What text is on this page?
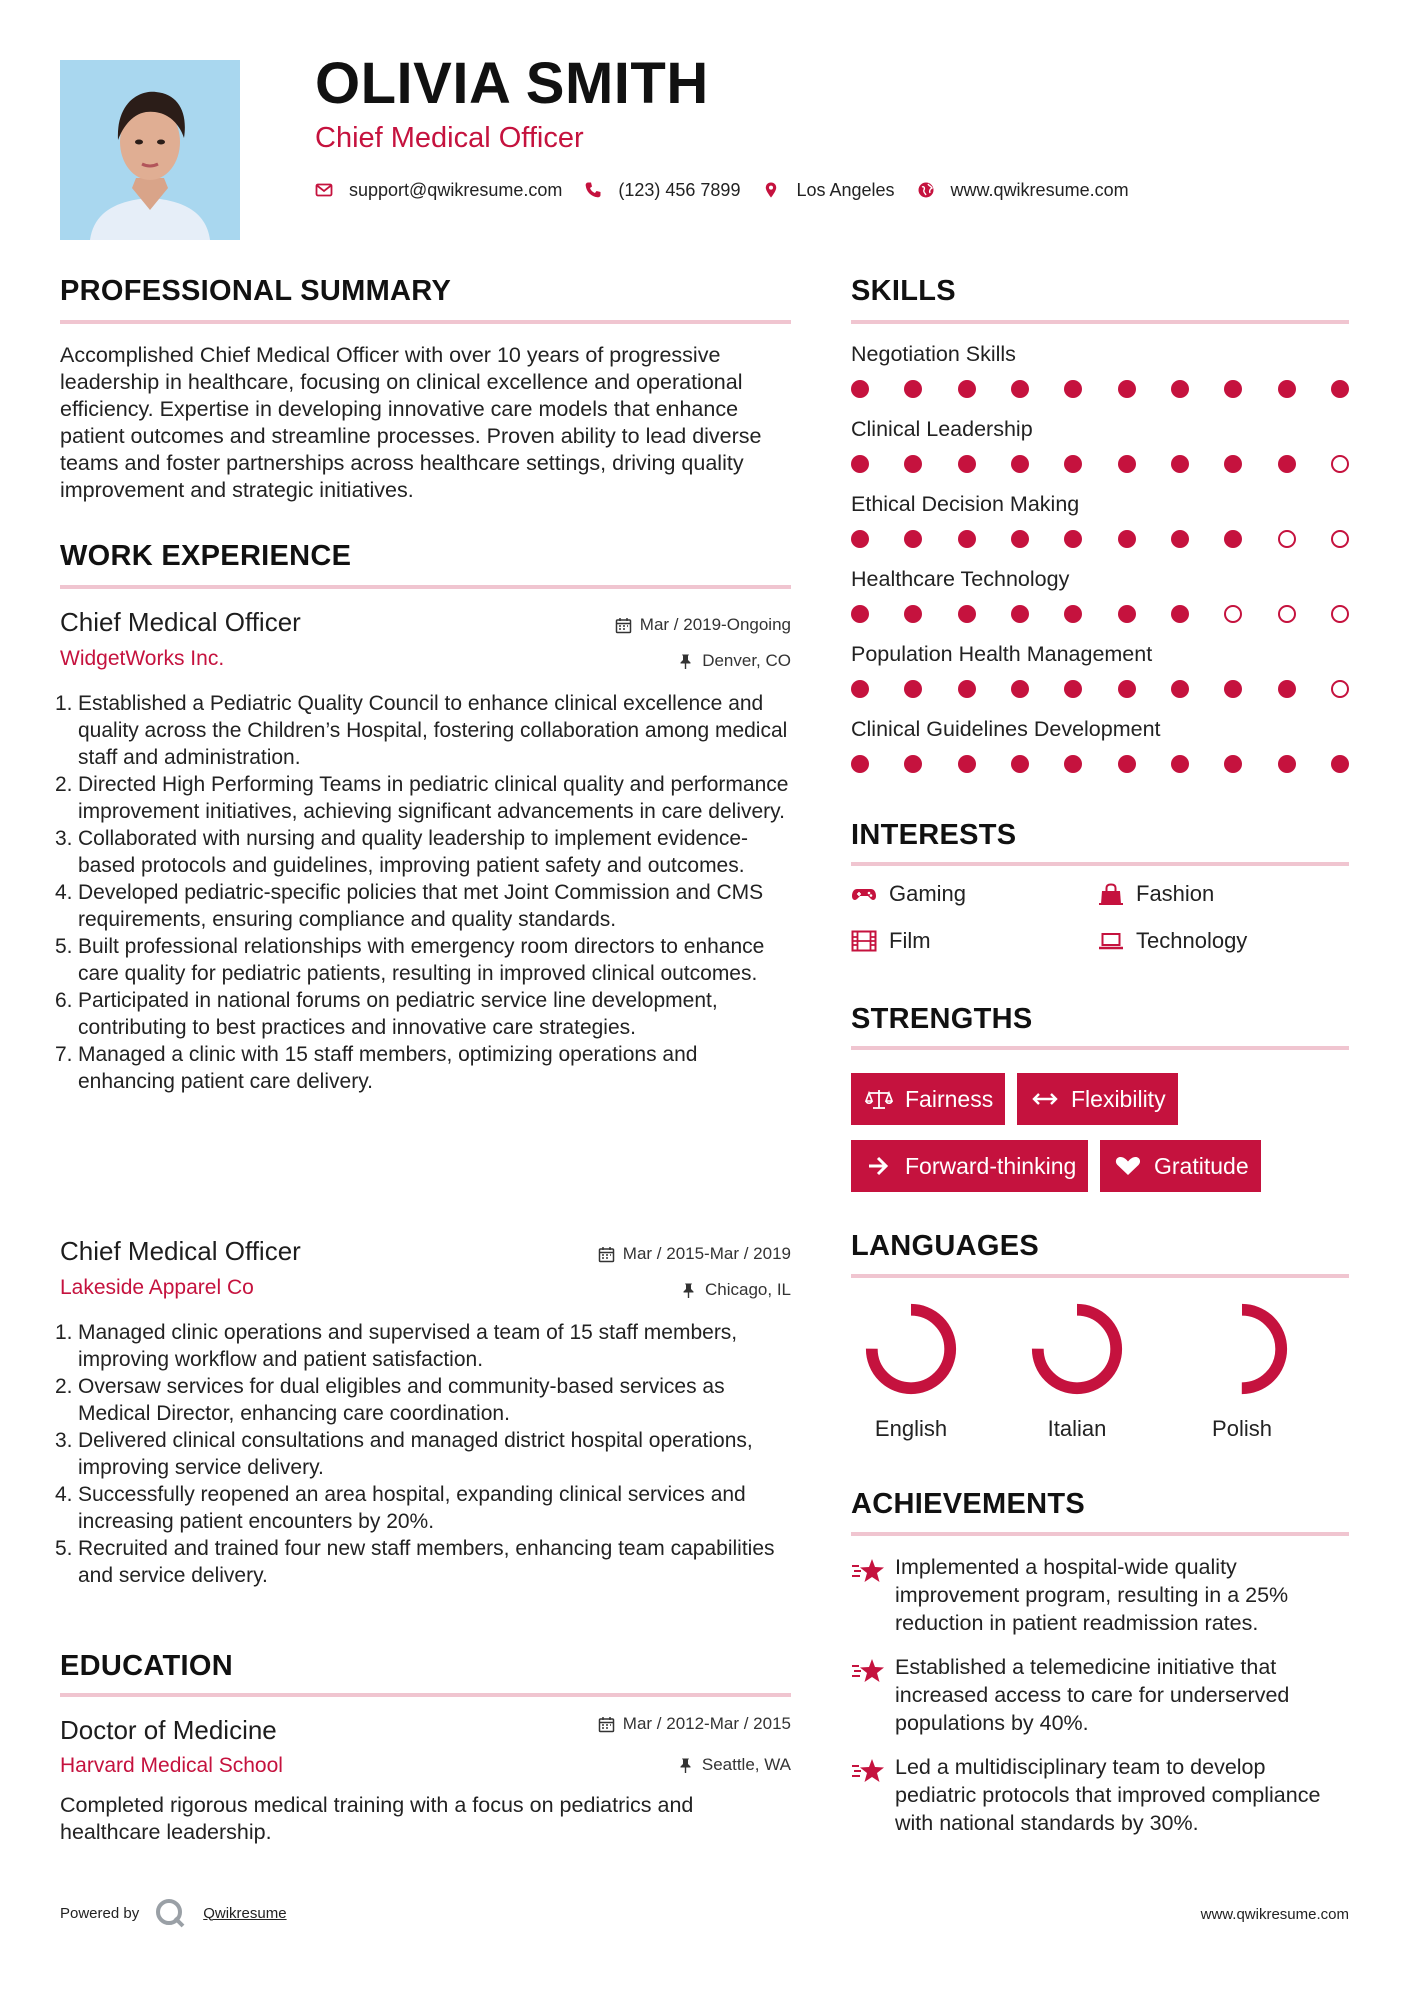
OLIVIA SMITH
Chief Medical Officer
support@qwikresume.com	(123) 456 7899	Los Angeles	www.qwikresume.com
PROFESSIONAL SUMMARY
Accomplished Chief Medical Officer with over 10 years of progressive leadership in healthcare, focusing on clinical excellence and operational efficiency. Expertise in developing innovative care models that enhance patient outcomes and streamline processes. Proven ability to lead diverse teams and foster partnerships across healthcare settings, driving quality improvement and strategic initiatives.
WORK EXPERIENCE
Chief Medical Officer	Mar / 2019-Ongoing
WidgetWorks Inc.	Denver, CO
1. Established a Pediatric Quality Council to enhance clinical excellence and quality across the Children’s Hospital, fostering collaboration among medical staff and administration.
2. Directed High Performing Teams in pediatric clinical quality and performance improvement initiatives, achieving significant advancements in care delivery.
3. Collaborated with nursing and quality leadership to implement evidence-based protocols and guidelines, improving patient safety and outcomes.
4. Developed pediatric-specific policies that met Joint Commission and CMS requirements, ensuring compliance and quality standards.
5. Built professional relationships with emergency room directors to enhance care quality for pediatric patients, resulting in improved clinical outcomes.
6. Participated in national forums on pediatric service line development, contributing to best practices and innovative care strategies.
7. Managed a clinic with 15 staff members, optimizing operations and enhancing patient care delivery.
Chief Medical Officer	Mar / 2015-Mar / 2019
Lakeside Apparel Co	Chicago, IL
1. Managed clinic operations and supervised a team of 15 staff members, improving workflow and patient satisfaction.
2. Oversaw services for dual eligibles and community-based services as Medical Director, enhancing care coordination.
3. Delivered clinical consultations and managed district hospital operations, improving service delivery.
4. Successfully reopened an area hospital, expanding clinical services and increasing patient encounters by 20%.
5. Recruited and trained four new staff members, enhancing team capabilities and service delivery.
EDUCATION
Doctor of Medicine	Mar / 2012-Mar / 2015
Harvard Medical School	Seattle, WA
Completed rigorous medical training with a focus on pediatrics and healthcare leadership.
SKILLS
Negotiation Skills
Clinical Leadership
Ethical Decision Making
Healthcare Technology
Population Health Management
Clinical Guidelines Development
INTERESTS
Gaming	Fashion
Film	Technology
STRENGTHS
Fairness	Flexibility
Forward-thinking	Gratitude
LANGUAGES
English	Italian	Polish
ACHIEVEMENTS
Implemented a hospital-wide quality improvement program, resulting in a 25% reduction in patient readmission rates.
Established a telemedicine initiative that increased access to care for underserved populations by 40%.
Led a multidisciplinary team to develop pediatric protocols that improved compliance with national standards by 30%.
Powered by	Qwikresume	www.qwikresume.com
